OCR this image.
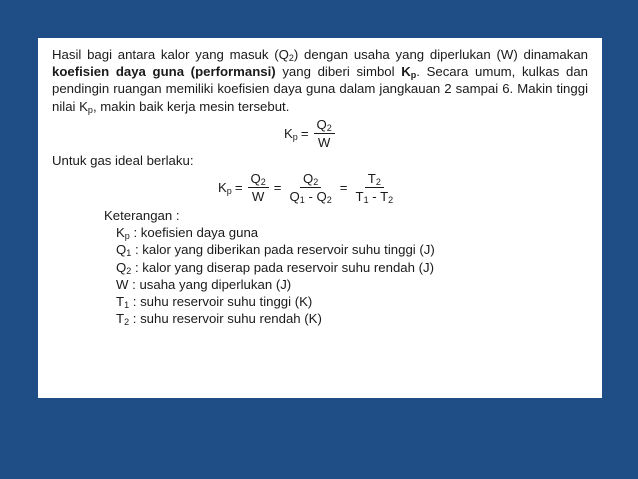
Hasil bagi antara kalor yang masuk $(Q_2)$ dengan usaha yang diperlukan (W) dinamakan koefisien daya guna (performansi) yang diberi simbol $K_p$. Secara umum, kulkas dan pendingin ruangan memiliki koefisien daya guna dalam jangkauan 2 sampai 6. Makin tinggi nilai $K_p$, makin baik kerja mesin tersebut.

$K_p = \frac{Q_2}{W}$
Untuk gas ideal berlaku:
$K_p = \frac{Q_2}{W} = \frac{Q_2}{Q_1 - Q_2} = \frac{T_2}{T_1 - T_2}$
Keterangan :
$K_p$ : koefisien daya guna
$Q_1$ : kalor yang diberikan pada reservoir suhu tinggi (J)
$Q_2$ : kalor yang diserap pada reservoir suhu rendah (J)
W : usaha yang diperlukan (J)
$T_1$ : suhu reservoir suhu tinggi (K)
$T_2$ : suhu reservoir suhu rendah (K)
